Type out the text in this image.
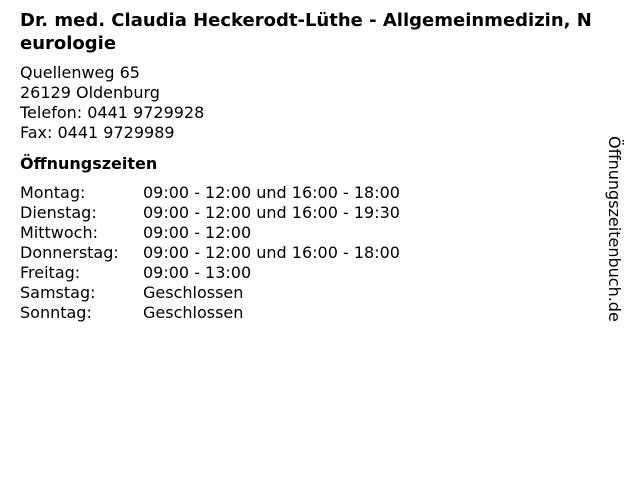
Dr. med. Claudia Heckerodt-Lüthe - Allgemeinmedizin, Neurologie
Quellenweg 65
26129 Oldenburg
Telefon: 0441 9729928
Fax: 0441 9729989
Öffnungszeiten
Montag:	09:00 - 12:00 und 16:00 - 18:00
Dienstag:	09:00 - 12:00 und 16:00 - 19:30
Mittwoch:	09:00 - 12:00
Donnerstag:	09:00 - 12:00 und 16:00 - 18:00
Freitag:	09:00 - 13:00
Samstag:	Geschlossen
Sonntag:	Geschlossen	Öffnungszeitenbuch.de
